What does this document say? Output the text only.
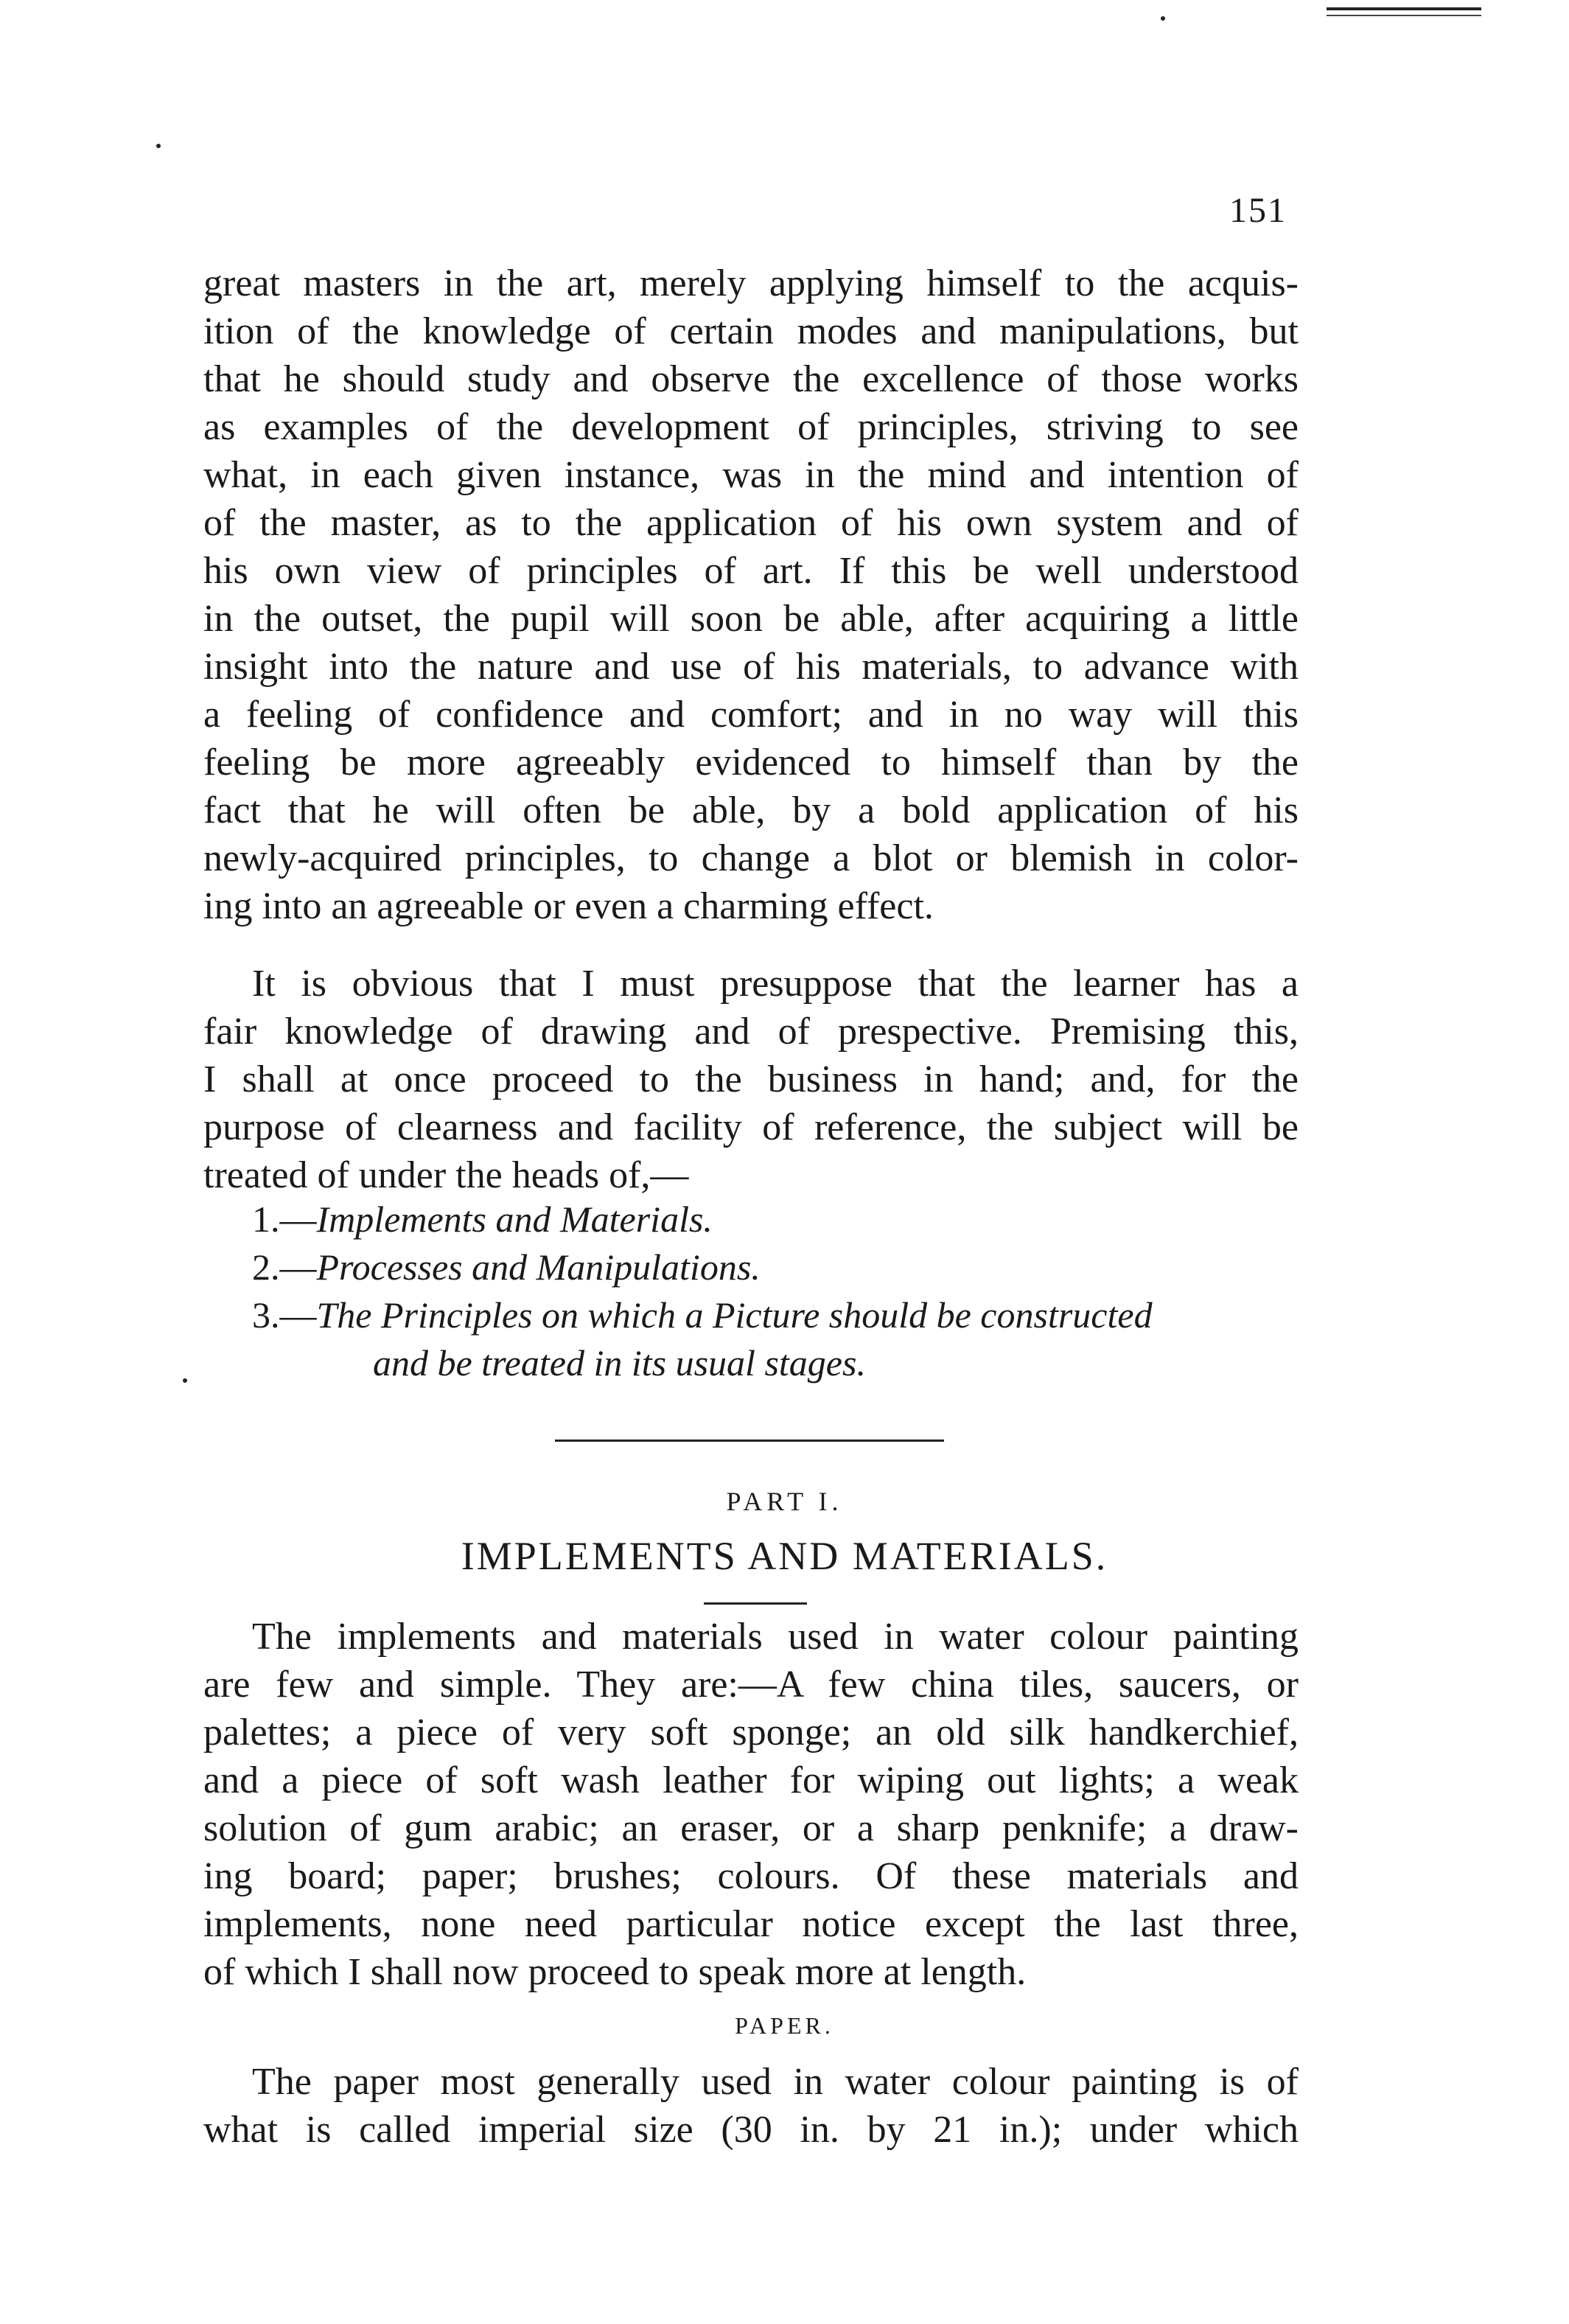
151
great masters in the art, merely applying himself to the acquis-
ition of the knowledge of certain modes and manipulations, but
that he should study and observe the excellence of those works
as examples of the development of principles, striving to see
what, in each given instance, was in the mind and intention of
of the master, as to the application of his own system and of
his own view of principles of art. If this be well understood
in the outset, the pupil will soon be able, after acquiring a little
insight into the nature and use of his materials, to advance with
a feeling of confidence and comfort; and in no way will this
feeling be more agreeably evidenced to himself than by the
fact that he will often be able, by a bold application of his
newly-acquired principles, to change a blot or blemish in color-
ing into an agreeable or even a charming effect.
It is obvious that I must presuppose that the learner has a
fair knowledge of drawing and of prespective. Premising this,
I shall at once proceed to the business in hand; and, for the
purpose of clearness and facility of reference, the subject will be
treated of under the heads of,—
1.—Implements and Materials.
2.—Processes and Manipulations.
3.—The Principles on which a Picture should be constructed
and be treated in its usual stages.
PART I.
IMPLEMENTS AND MATERIALS.
The implements and materials used in water colour painting
are few and simple. They are:—A few china tiles, saucers, or
palettes; a piece of very soft sponge; an old silk handkerchief,
and a piece of soft wash leather for wiping out lights; a weak
solution of gum arabic; an eraser, or a sharp penknife; a draw-
ing board; paper; brushes; colours. Of these materials and
implements, none need particular notice except the last three,
of which I shall now proceed to speak more at length.
PAPER.
The paper most generally used in water colour painting is of
what is called imperial size (30 in. by 21 in.); under which
